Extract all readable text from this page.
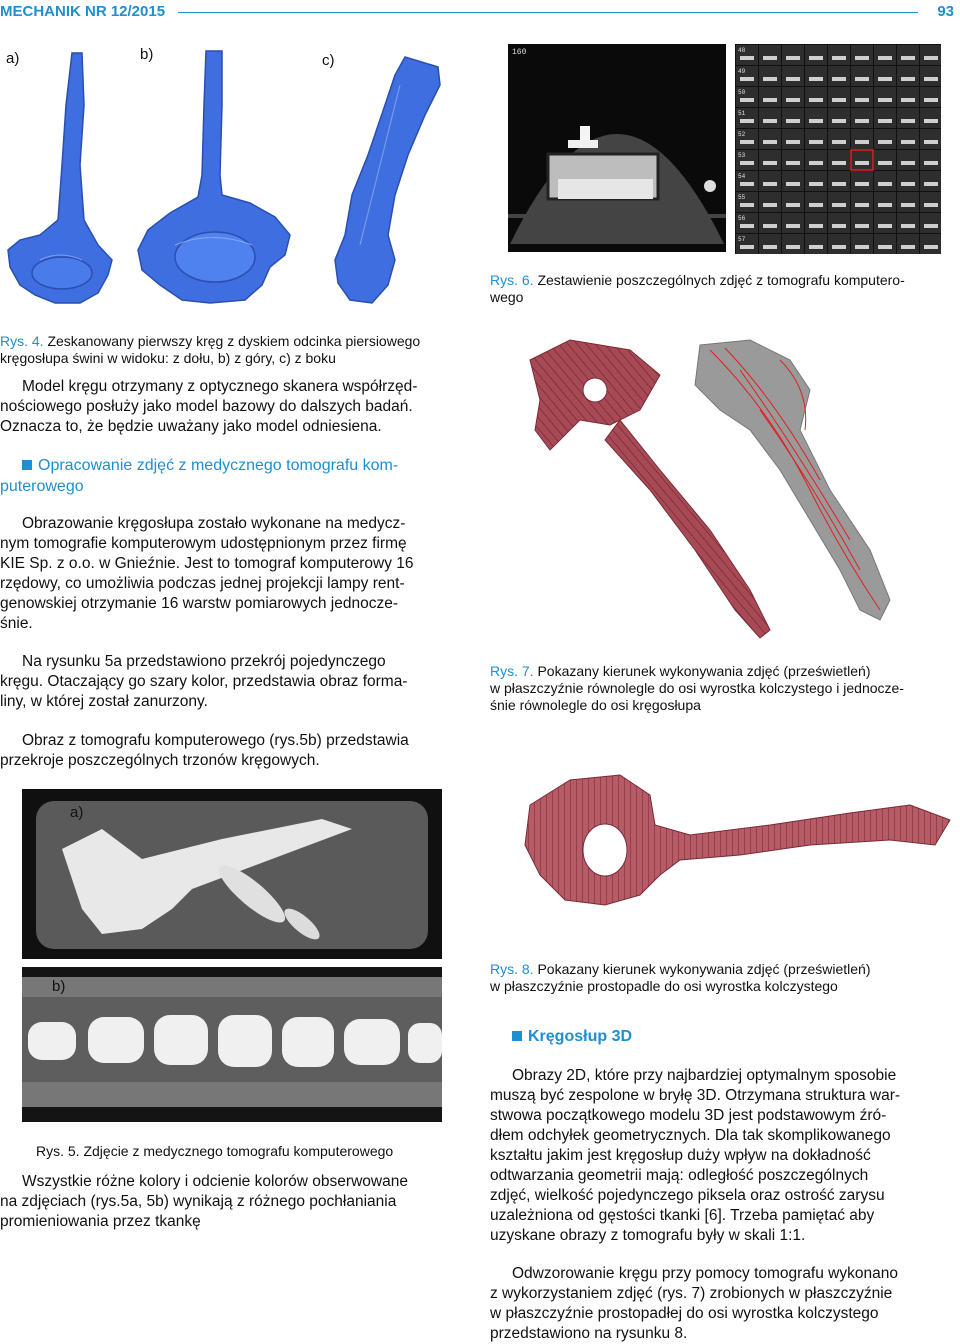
MECHANIK NR 12/2015	93
a)	b)	c)
Rys. 4. Zeskanowany pierwszy kręg z dyskiem odcinka piersiowego
kręgosłupa świni w widoku: z dołu, b) z góry, c) z boku
160	48
49
50
51
52
53
54
55
56
57
Rys. 6. Zestawienie poszczególnych zdjęć z tomografu komputero-
wego
Model kręgu otrzymany z optycznego skanera współrzęd-
nościowego posłuży jako model bazowy do dalszych badań.
Oznacza to, że będzie uważany jako model odniesiena.
Opracowanie zdjęć z medycznego tomografu kom-
puterowego
Obrazowanie kręgosłupa zostało wykonane na medycz-
nym tomografie komputerowym udostępnionym przez firmę
KIE Sp. z o.o. w Gnieźnie. Jest to tomograf komputerowy 16
rzędowy, co umożliwia podczas jednej projekcji lampy rent-
genowskiej otrzymanie 16 warstw pomiarowych jednocze-
śnie.
Na rysunku 5a przedstawiono przekrój pojedynczego
kręgu. Otaczający go szary kolor, przedstawia obraz forma-
liny, w której został zanurzony.
Obraz z tomografu komputerowego (rys.5b) przedstawia
przekroje poszczególnych trzonów kręgowych.
a)
b)
Rys. 5. Zdjęcie z medycznego tomografu komputerowego
Wszystkie różne kolory i odcienie kolorów obserwowane
na zdjęciach (rys.5a, 5b) wynikają z różnego pochłaniania
promieniowania przez tkankę
Rys. 7. Pokazany kierunek wykonywania zdjęć (prześwietleń)
w płaszczyźnie równolegle do osi wyrostka kolczystego i jednocze-
śnie równolegle do osi kręgosłupa
Rys. 8. Pokazany kierunek wykonywania zdjęć (prześwietleń)
w płaszczyźnie prostopadle do osi wyrostka kolczystego
Kręgosłup 3D
Obrazy 2D, które przy najbardziej optymalnym sposobie
muszą być zespolone w bryłę 3D. Otrzymana struktura war-
stwowa początkowego modelu 3D jest podstawowym źró-
dłem odchyłek geometrycznych. Dla tak skomplikowanego
kształtu jakim jest kręgosłup duży wpływ na dokładność
odtwarzania geometrii mają: odległość poszczególnych
zdjęć, wielkość pojedynczego piksela oraz ostrość zarysu
uzależniona od gęstości tkanki [6]. Trzeba pamiętać aby
uzyskane obrazy z tomografu były w skali 1:1.
Odwzorowanie kręgu przy pomocy tomografu wykonano
z wykorzystaniem zdjęć (rys. 7) zrobionych w płaszczyźnie
w płaszczyźnie prostopadłej do osi wyrostka kolczystego
przedstawiono na rysunku 8.
